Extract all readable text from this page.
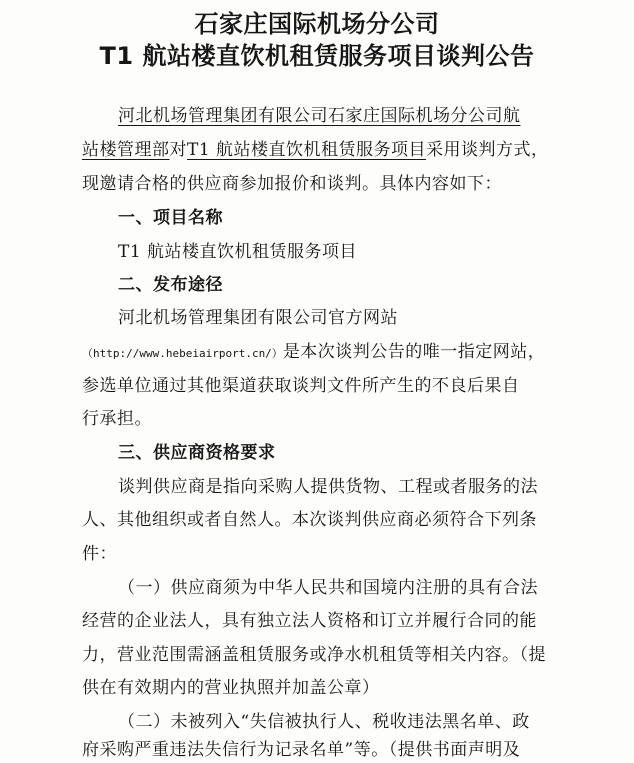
石家庄国际机场分公司
T1 航站楼直饮机租赁服务项目谈判公告
河北机场管理集团有限公司石家庄国际机场分公司航
站楼管理部对T1 航站楼直饮机租赁服务项目采用谈判方式，
现邀请合格的供应商参加报价和谈判。具体内容如下：
一、项目名称
T1 航站楼直饮机租赁服务项目
二、发布途径
河北机场管理集团有限公司官方网站
（http://www.hebeiairport.cn/）是本次谈判公告的唯一指定网站，
参选单位通过其他渠道获取谈判文件所产生的不良后果自
行承担。
三、供应商资格要求
谈判供应商是指向采购人提供货物、工程或者服务的法
人、其他组织或者自然人。本次谈判供应商必须符合下列条
件：
（一）供应商须为中华人民共和国境内注册的具有合法
经营的企业法人，具有独立法人资格和订立并履行合同的能
力，营业范围需涵盖租赁服务或净水机租赁等相关内容。（提
供在有效期内的营业执照并加盖公章）
（二）未被列入“失信被执行人、税收违法黑名单、政
府采购严重违法失信行为记录名单”等。（提供书面声明及
